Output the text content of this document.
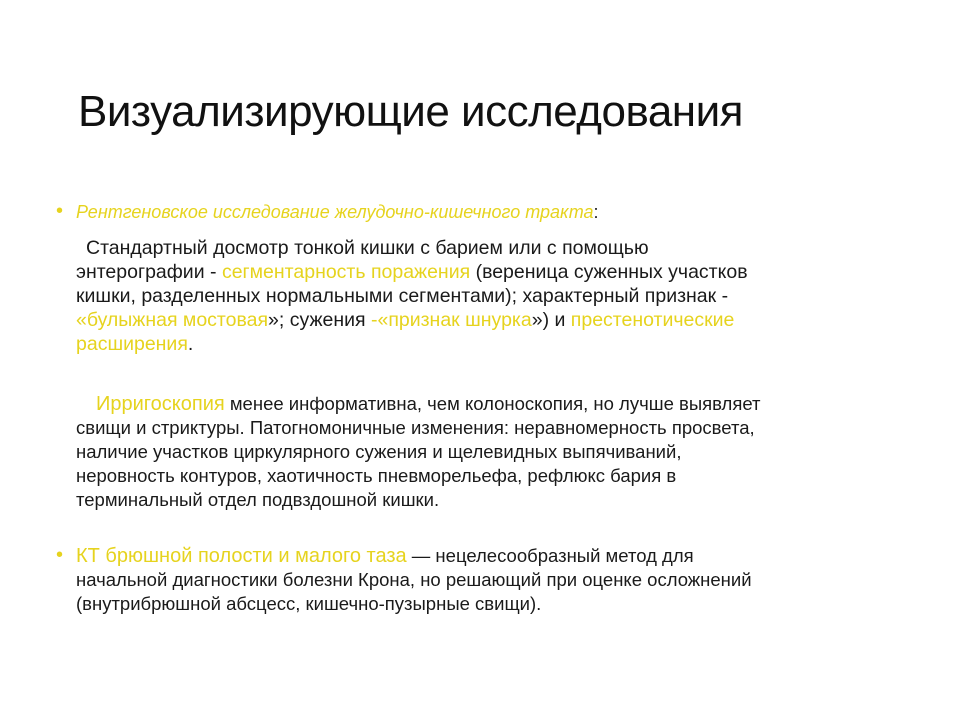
Визуализирующие исследования
• Рентгеновское исследование желудочно-кишечного тракта:
Стандартный досмотр тонкой кишки с барием или с помощью
энтерографии - сегментарность поражения (вереница суженных участков
кишки, разделенных нормальными сегментами); характерный признак -
«булыжная мостовая»; сужения -«признак шнурка») и престенотические
расширения.
Ирригоскопия менее информативна, чем колоноскопия, но лучше выявляет
свищи и стриктуры. Патогномоничные изменения: неравномерность просвета,
наличие участков циркулярного сужения и щелевидных выпячиваний,
неровность контуров, хаотичность пневморельефа, рефлюкс бария в
терминальный отдел подвздошной кишки.
• КТ брюшной полости и малого таза — нецелесообразный метод для
начальной диагностики болезни Крона, но решающий при оценке осложнений
(внутрибрюшной абсцесс, кишечно-пузырные свищи).
